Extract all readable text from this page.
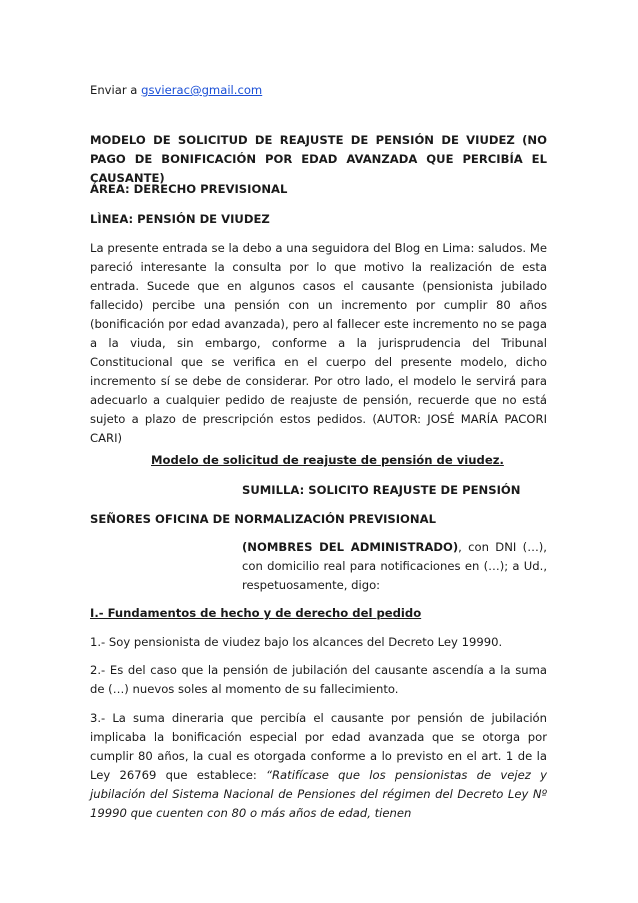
Enviar a gsvierac@gmail.com

MODELO DE SOLICITUD DE REAJUSTE DE PENSIÓN DE VIUDEZ (NO PAGO DE BONIFICACIÓN POR EDAD AVANZADA QUE PERCIBÍA EL CAUSANTE)

ÁREA: DERECHO PREVISIONAL

LÌNEA: PENSIÓN DE VIUDEZ

La presente entrada se la debo a una seguidora del Blog en Lima: saludos. Me pareció interesante la consulta por lo que motivo la realización de esta entrada. Sucede que en algunos casos el causante (pensionista jubilado fallecido) percibe una pensión con un incremento por cumplir 80 años (bonificación por edad avanzada), pero al fallecer este incremento no se paga a la viuda, sin embargo, conforme a la jurisprudencia del Tribunal Constitucional que se verifica en el cuerpo del presente modelo, dicho incremento sí se debe de considerar. Por otro lado, el modelo le servirá para adecuarlo a cualquier pedido de reajuste de pensión, recuerde que no está sujeto a plazo de prescripción estos pedidos. (AUTOR: JOSÉ MARÍA PACORI CARI)

Modelo de solicitud de reajuste de pensión de viudez.

SUMILLA: SOLICITO REAJUSTE DE PENSIÓN

SEÑORES OFICINA DE NORMALIZACIÓN PREVISIONAL

(NOMBRES DEL ADMINISTRADO), con DNI (…), con domicilio real para notificaciones en (…); a Ud., respetuosamente, digo:

I.- Fundamentos de hecho y de derecho del pedido

1.- Soy pensionista de viudez bajo los alcances del Decreto Ley 19990.

2.- Es del caso que la pensión de jubilación del causante ascendía a la suma de (…) nuevos soles al momento de su fallecimiento.

3.- La suma dineraria que percibía el causante por pensión de jubilación implicaba la bonificación especial por edad avanzada que se otorga por cumplir 80 años, la cual es otorgada conforme a lo previsto en el art. 1 de la Ley 26769 que establece: “Ratifícase que los pensionistas de vejez y jubilación del Sistema Nacional de Pensiones del régimen del Decreto Ley Nº 19990 que cuenten con 80 o más años de edad, tienen
